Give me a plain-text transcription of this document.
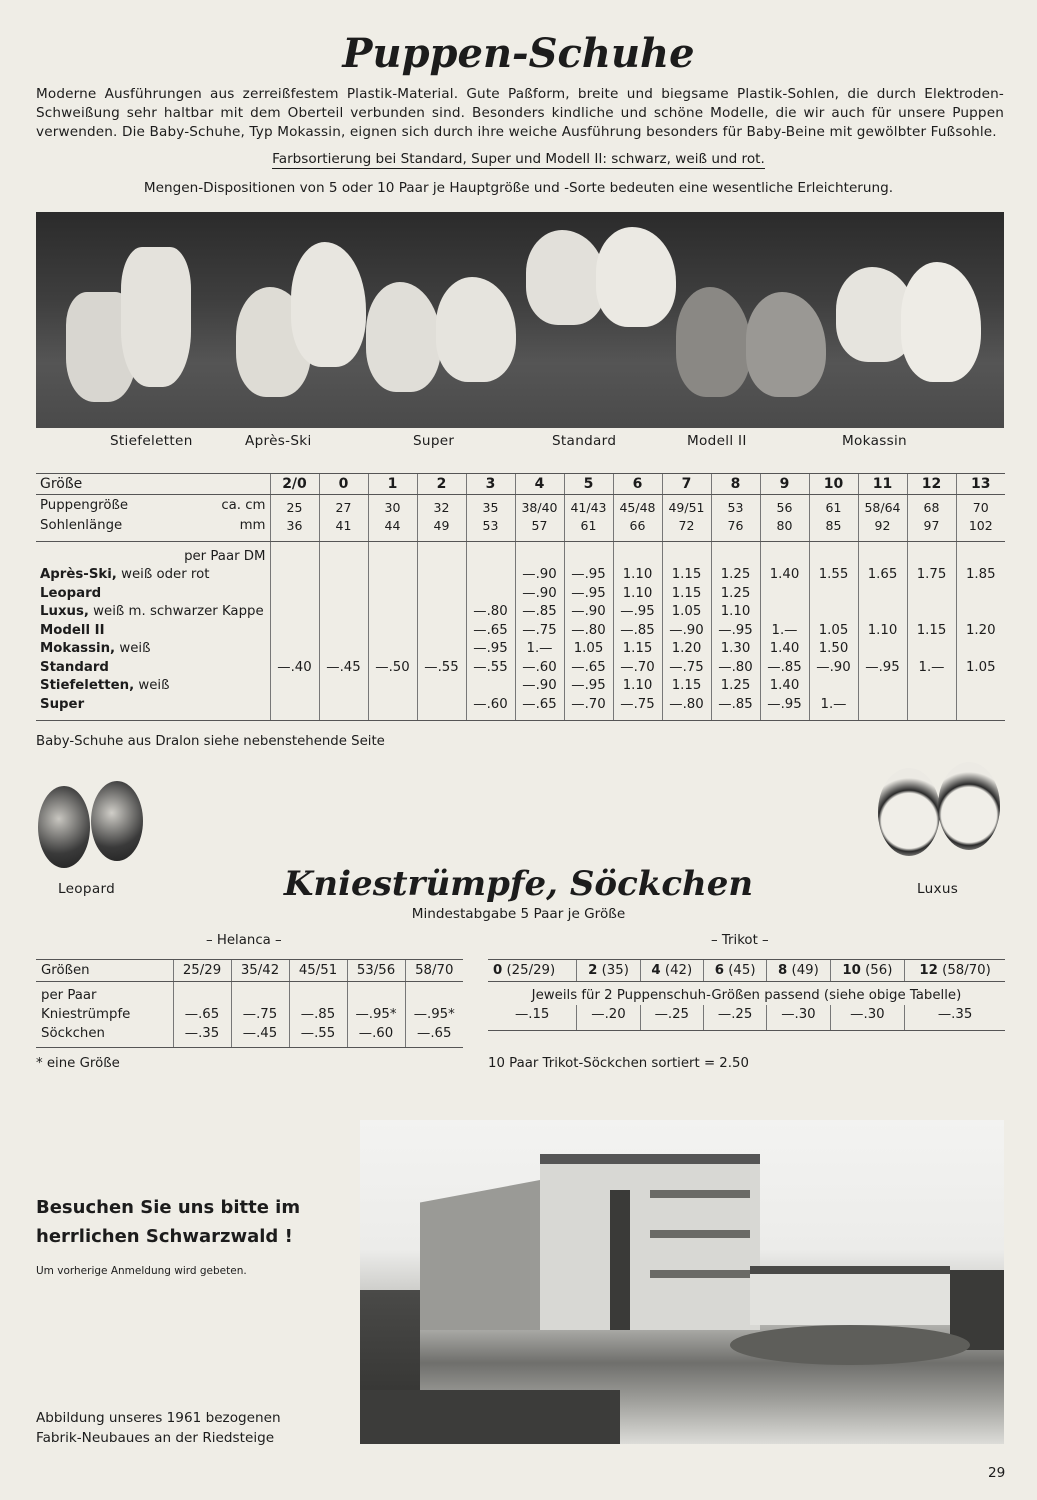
Puppen-Schuhe
Moderne Ausführungen aus zerreißfestem Plastik-Material. Gute Paßform, breite und biegsame Plastik-Sohlen, die durch Elektroden-Schweißung sehr haltbar mit dem Oberteil verbunden sind. Besonders kindliche und schöne Modelle, die wir auch für unsere Puppen verwenden. Die Baby-Schuhe, Typ Mokassin, eignen sich durch ihre weiche Ausführung besonders für Baby-Beine mit gewölbter Fußsohle.
Farbsortierung bei Standard, Super und Modell II: schwarz, weiß und rot.
Mengen-Dispositionen von 5 oder 10 Paar je Hauptgröße und -Sorte bedeuten eine wesentliche Erleichterung.
Stiefeletten	Après-Ski	Super	Standard	Modell II	Mokassin
Größe	2/0	0	1	2	3	4	5	6	7	8	9	10	11	12	13
Puppengröße ca. cm	25	27	30	32	35	38/40	41/43	45/48	49/51	53	56	61	58/64	68	70
Sohlenlänge mm	36	41	44	49	53	57	61	66	72	76	80	85	92	97	102
per Paar DM															
Après-Ski, weiß oder rot						—.90	—.95	1.10	1.15	1.25	1.40	1.55	1.65	1.75	1.85
Leopard						—.90	—.95	1.10	1.15	1.25					
Luxus, weiß m. schwarzer Kappe					—.80	—.85	—.90	—.95	1.05	1.10					
Modell II					—.65	—.75	—.80	—.85	—.90	—.95	1.—	1.05	1.10	1.15	1.20
Mokassin, weiß					—.95	1.—	1.05	1.15	1.20	1.30	1.40	1.50			
Standard	—.40	—.45	—.50	—.55	—.55	—.60	—.65	—.70	—.75	—.80	—.85	—.90	—.95	1.—	1.05
Stiefeletten, weiß						—.90	—.95	1.10	1.15	1.25	1.40				
Super					—.60	—.65	—.70	—.75	—.80	—.85	—.95	1.—			
Baby-Schuhe aus Dralon siehe nebenstehende Seite
Leopard	Luxus
Kniestrümpfe, Söckchen
Mindestabgabe 5 Paar je Größe
– Helanca –	– Trikot –
Größen	25/29	35/42	45/51	53/56	58/70
per Paar					
Kniestrümpfe	—.65	—.75	—.85	—.95*	—.95*
Söckchen	—.35	—.45	—.55	—.60	—.65
0 (25/29)	2 (35)	4 (42)	6 (45)	8 (49)	10 (56)	12 (58/70)
Jeweils für 2 Puppenschuh-Größen passend (siehe obige Tabelle)						
—.15	—.20	—.25	—.25	—.30	—.30	—.35
* eine Größe	10 Paar Trikot-Söckchen sortiert = 2.50
Besuchen Sie uns bitte im
herrlichen Schwarzwald !
Um vorherige Anmeldung wird gebeten.
Abbildung unseres 1961 bezogenen
Fabrik-Neubaues an der Riedsteige
29
